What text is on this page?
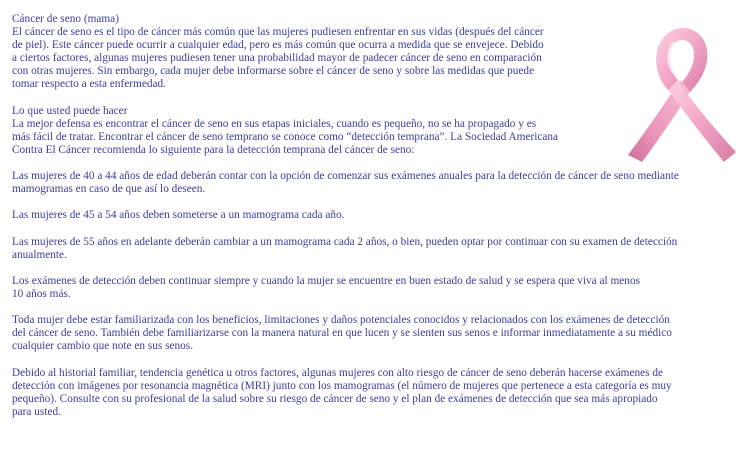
Cáncer de seno (mama)
El cáncer de seno es el tipo de cáncer más común que las mujeres pudiesen enfrentar en sus vidas (después del cáncer
de piel). Este cáncer puede ocurrir a cualquier edad, pero es más común que ocurra a medida que se envejece. Debido
a ciertos factores, algunas mujeres pudiesen tener una probabilidad mayor de padecer cáncer de seno en comparación
con otras mujeres. Sin embargo, cada mujer debe informarse sobre el cáncer de seno y sobre las medidas que puede
tomar respecto a esta enfermedad.
Lo que usted puede hacer
La mejor defensa es encontrar el cáncer de seno en sus etapas iniciales, cuando es pequeño, no se ha propagado y es
más fácil de tratar. Encontrar el cáncer de seno temprano se conoce como “detección temprana”. La Sociedad Americana
Contra El Cáncer recomienda lo siguiente para la detección temprana del cáncer de seno:
Las mujeres de 40 a 44 años de edad deberán contar con la opción de comenzar sus exámenes anuales para la detección de cáncer de seno mediante
mamogramas en caso de que así lo deseen.
Las mujeres de 45 a 54 años deben someterse a un mamograma cada año.
Las mujeres de 55 años en adelante deberán cambiar a un mamograma cada 2 años, o bien, pueden optar por continuar con su examen de detección
anualmente.
Los exámenes de detección deben continuar siempre y cuando la mujer se encuentre en buen estado de salud y se espera que viva al menos
10 años más.
Toda mujer debe estar familiarizada con los beneficios, limitaciones y daños potenciales conocidos y relacionados con los exámenes de detección
del cáncer de seno. También debe familiarizarse con la manera natural en que lucen y se sienten sus senos e informar inmediatamente a su médico
cualquier cambio que note en sus senos.
Debido al historial familiar, tendencia genética u otros factores, algunas mujeres con alto riesgo de cáncer de seno deberán hacerse exámenes de
detección con imágenes por resonancia magnética (MRI) junto con los mamogramas (el número de mujeres que pertenece a esta categoría es muy
pequeño). Consulte con su profesional de la salud sobre su riesgo de cáncer de seno y el plan de exámenes de detección que sea más apropiado
para usted.
